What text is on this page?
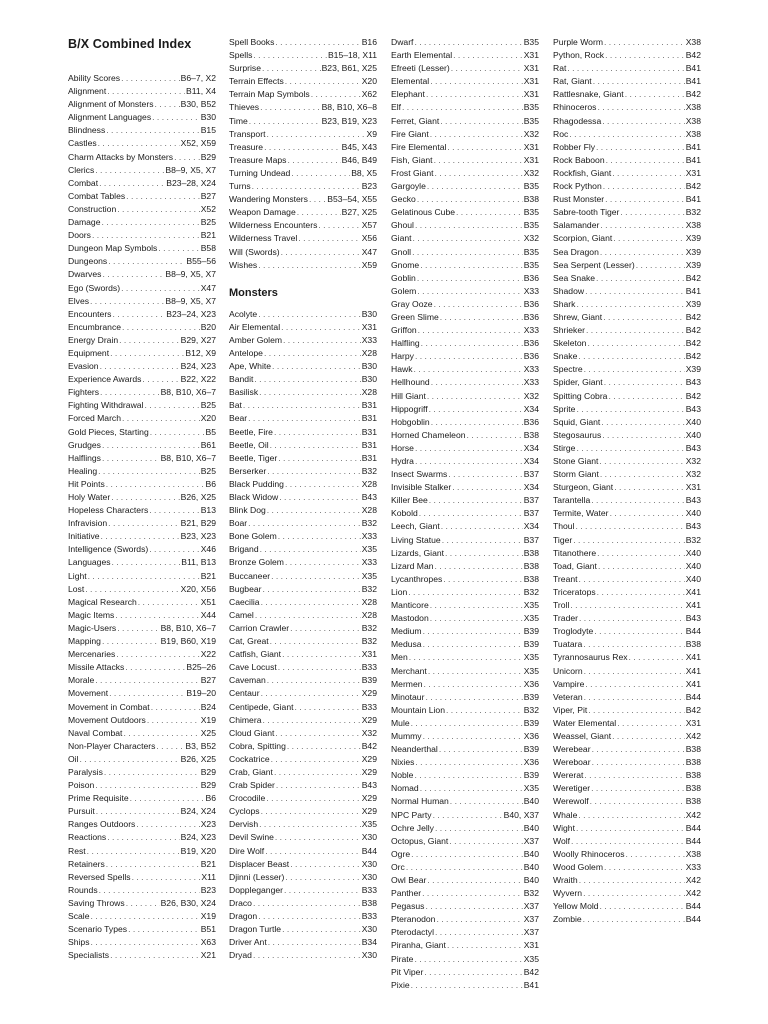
B/X Combined Index
Ability Scores . . .	B6–7, X2
Alignment . . .	B11, X4
Alignment of Monsters . . .	B30, B52
Alignment Languages . . .	B30
Blindness . . .	B15
Castles . . .	X52, X59
Charm Attacks by Monsters . . .	B29
Clerics . . .	B8–9, X5, X7
Combat . . .	B23–28, X24
Combat Tables . . .	B27
Construction . . .	X52
Damage . . .	B25
Doors . . .	B21
Dungeon Map Symbols . . .	B58
Dungeons . . .	B55–56
Dwarves . . .	B8–9, X5, X7
Ego (Swords) . . .	X47
Elves . . .	B8–9, X5, X7
Encounters . . .	B23–24, X23
Encumbrance . . .	B20
Energy Drain . . .	B29, X27
Equipment . . .	B12, X9
Evasion . . .	B24, X23
Experience Awards . . .	B22, X22
Fighters . . .	B8, B10, X6–7
Fighting Withdrawal . . .	B25
Forced March . . .	X20
Gold Pieces, Starting . . .	B5
Grudges . . .	B61
Halflings . . .	B8, B10, X6–7
Healing . . .	B25
Hit Points . . .	B6
Holy Water . . .	B26, X25
Hopeless Characters . . .	B13
Infravision . . .	B21, B29
Initiative . . .	B23, X23
Intelligence (Swords) . . .	X46
Languages . . .	B11, B13
Light . . .	B21
Lost . . .	X20, X56
Magical Research . . .	X51
Magic Items . . .	X44
Magic-Users . . .	B8, B10, X6–7
Mapping . . .	B19, B60, X19
Mercenaries . . .	X22
Missile Attacks . . .	B25–26
Morale . . .	B27
Movement . . .	B19–20
Movement in Combat . . .	B24
Movement Outdoors . . .	X19
Naval Combat . . .	X25
Non-Player Characters . . .	B3, B52
Oil . . .	B26, X25
Paralysis . . .	B29
Poison . . .	B29
Prime Requisite . . .	B6
Pursuit . . .	B24, X24
Ranges Outdoors . . .	X23
Reactions . . .	B24, X23
Rest . . .	B19, X20
Retainers . . .	B21
Reversed Spells . . .	X11
Rounds . . .	B23
Saving Throws . . .	B26, B30, X24
Scale . . .	X19
Scenario Types . . .	B51
Ships . . .	X63
Specialists . . .	X21
Spell Books . . .	B16
Spells . . .	B15–18, X11
Surprise . . .	B23, B61, X25
Terrain Effects . . .	X20
Terrain Map Symbols . . .	X62
Thieves . . .	B8, B10, X6–8
Time . . .	B23, B19, X23
Transport . . .	X9
Treasure . . .	B45, X43
Treasure Maps . . .	B46, B49
Turning Undead . . .	B8, X5
Turns . . .	B23
Wandering Monsters . . . B53–54, X55
Weapon Damage . . .	B27, X25
Wilderness Encounters . . .	X57
Wilderness Travel . . .	X56
Will (Swords) . . .	X47
Wishes . . .	X59
Monsters
Acolyte . . .	B30
Air Elemental . . .	X31
Amber Golem . . .	X33
Antelope . . .	X28
Ape, White . . .	B30
Bandit . . .	B30
Basilisk . . .	X28
Bat . . .	B31
Bear . . .	B31
Beetle, Fire . . .	B31
Beetle, Oil . . .	B31
Beetle, Tiger . . .	B31
Berserker . . .	B32
Black Pudding . . .	X28
Black Widow . . .	B43
Blink Dog . . .	X28
Boar . . .	B32
Bone Golem . . .	X33
Brigand . . .	X35
Bronze Golem . . .	X33
Buccaneer . . .	X35
Bugbear . . .	B32
Caecilia . . .	X28
Camel . . .	X28
Carrion Crawler . . .	B32
Cat, Great . . .	B32
Catfish, Giant . . .	X31
Cave Locust . . .	B33
Caveman . . .	B39
Centaur . . .	X29
Centipede, Giant . . .	B33
Chimera . . .	X29
Cloud Giant . . .	X32
Cobra, Spitting . . .	B42
Cockatrice . . .	X29
Crab, Giant . . .	X29
Crab Spider . . .	B43
Crocodile . . .	X29
Cyclops . . .	X29
Dervish . . .	X35
Devil Swine . . .	X30
Dire Wolf . . .	B44
Displacer Beast . . .	X30
Djinni (Lesser) . . .	X30
Doppleganger . . .	B33
Draco . . .	B38
Dragon . . .	B33
Dragon Turtle . . .	X30
Driver Ant . . .	B34
Dryad . . .	X30
Dwarf . . .	B35
Earth Elemental . . .	X31
Efreeti (Lesser) . . .	X31
Elemental . . .	X31
Elephant . . .	X31
Elf . . .	B35
Ferret, Giant . . .	B35
Fire Giant . . .	X32
Fire Elemental . . .	X31
Fish, Giant . . .	X31
Frost Giant . . .	X32
Gargoyle . . .	B35
Gecko . . .	B38
Gelatinous Cube . . .	B35
Ghoul . . .	B35
Giant . . .	X32
Gnoll . . .	B35
Gnome . . .	B35
Goblin . . .	B36
Golem . . .	X33
Gray Ooze . . .	B36
Green Slime . . .	B36
Griffon . . .	X33
Halfling . . .	B36
Harpy . . .	B36
Hawk . . .	X33
Hellhound . . .	X33
Hill Giant . . .	X32
Hippogriff . . .	X34
Hobgoblin . . .	B36
Horned Chameleon . . .	B38
Horse . . .	X34
Hydra . . .	X34
Insect Swarms . . .	B37
Invisible Stalker . . .	X34
Killer Bee . . .	B37
Kobold . . .	B37
Leech, Giant . . .	X34
Living Statue . . .	B37
Lizards, Giant . . .	B38
Lizard Man . . .	B38
Lycanthropes . . .	B38
Lion . . .	B32
Manticore . . .	X35
Mastodon . . .	X35
Medium . . .	B39
Medusa . . .	B39
Men . . .	X35
Merchant . . .	X35
Mermen . . .	X36
Minotaur . . .	B39
Mountain Lion . . .	B32
Mule . . .	B39
Mummy . . .	X36
Neanderthal . . .	B39
Nixies . . .	X36
Noble . . .	B39
Nomad . . .	X35
Normal Human . . .	B40
NPC Party . . .	B40, X37
Ochre Jelly . . .	B40
Octopus, Giant . . .	X37
Ogre . . .	B40
Orc . . .	B40
Owl Bear . . .	B40
Panther . . .	B32
Pegasus . . .	X37
Pteranodon . . .	X37
Pterodactyl . . .	X37
Piranha, Giant . . .	X31
Pirate . . .	X35
Pit Viper . . .	B42
Pixie . . .	B41
Purple Worm . . .	X38
Python, Rock . . .	B42
Rat . . .	B41
Rat, Giant . . .	B41
Rattlesnake, Giant . . .	B42
Rhinoceros . . .	X38
Rhagodessa . . .	X38
Roc . . .	X38
Robber Fly . . .	B41
Rock Baboon . . .	B41
Rockfish, Giant . . .	X31
Rock Python . . .	B42
Rust Monster . . .	B41
Sabre-tooth Tiger . . .	B32
Salamander . . .	X38
Scorpion, Giant . . .	X39
Sea Dragon . . .	X39
Sea Serpent (Lesser) . . .	X39
Sea Snake . . .	B42
Shadow . . .	B41
Shark . . .	X39
Shrew, Giant . . .	B42
Shrieker . . .	B42
Skeleton . . .	B42
Snake . . .	B42
Spectre . . .	X39
Spider, Giant . . .	B43
Spitting Cobra . . .	B42
Sprite . . .	B43
Squid, Giant . . .	X40
Stegosaurus . . .	X40
Stirge . . .	B43
Stone Giant . . .	X32
Storm Giant . . .	X32
Sturgeon, Giant . . .	X31
Tarantella . . .	B43
Termite, Water . . .	X40
Thoul . . .	B43
Tiger . . .	B32
Titanothere . . .	X40
Toad, Giant . . .	X40
Treant . . .	X40
Triceratops . . .	X41
Troll . . .	X41
Trader . . .	B43
Troglodyte . . .	B44
Tuatara . . .	B38
Tyrannosaurus Rex . . .	X41
Unicorn . . .	X41
Vampire . . .	X41
Veteran . . .	B44
Viper, Pit . . .	B42
Water Elemental . . .	X31
Weassel, Giant . . .	X42
Werebear . . .	B38
Wereboar . . .	B38
Wererat . . .	B38
Weretiger . . .	B38
Werewolf . . .	B38
Whale . . .	X42
Wight . . .	B44
Wolf . . .	B44
Woolly Rhinoceros . . .	X38
Wood Golem . . .	X33
Wraith . . .	X42
Wyvern . . .	X42
Yellow Mold . . .	B44
Zombie . . .	B44
